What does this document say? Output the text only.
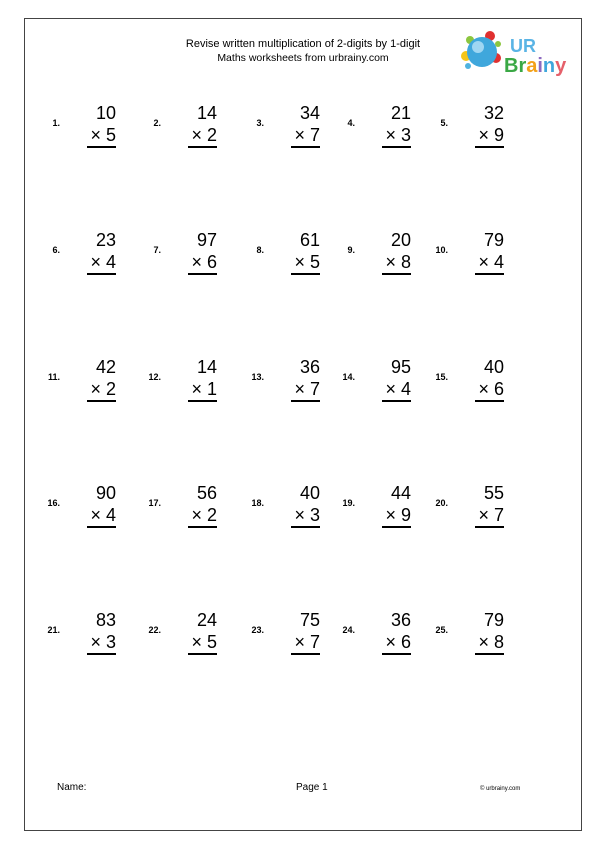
Revise written multiplication of 2-digits by 1-digit
Maths worksheets from urbrainy.com
UR
Brainy
1. 10
× 5
2. 14
× 2
3. 34
× 7
4. 21
× 3
5. 32
× 9
6. 23
× 4
7. 97
× 6
8. 61
× 5
9. 20
× 8
10. 79
× 4
11. 42
× 2
12. 14
× 1
13. 36
× 7
14. 95
× 4
15. 40
× 6
16. 90
× 4
17. 56
× 2
18. 40
× 3
19. 44
× 9
20. 55
× 7
21. 83
× 3
22. 24
× 5
23. 75
× 7
24. 36
× 6
25. 79
× 8
Name:	Page 1	© urbrainy.com
